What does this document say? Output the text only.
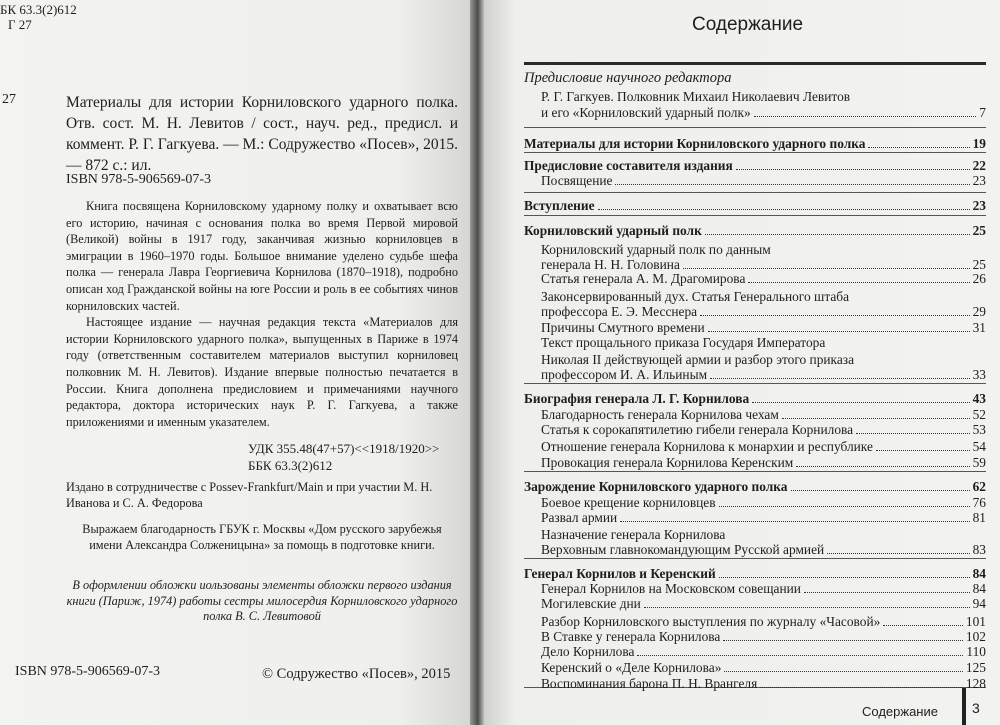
БК 63.3(2)612
Г 27
27	Материалы для истории Корниловского ударного полка. Отв. сост. М. Н. Левитов / сост., науч. ред., предисл. и коммент. Р. Г. Гагкуева. — М.: Содружество «Посев», 2015. — 872 с.: ил.
ISBN 978-5-906569-07-3

Книга посвящена Корниловскому ударному полку и охватывает всю его историю, начиная с основания полка во время Первой мировой (Великой) войны в 1917 году, заканчивая жизнью корниловцев в эмиграции в 1960–1970 годы. Большое внимание уделено судьбе шефа полка — генерала Лавра Георгиевича Корнилова (1870–1918), подробно описан ход Гражданской войны на юге России и роль в ее событиях чинов корниловских частей.

Настоящее издание — научная редакция текста «Материалов для истории Корниловского ударного полка», выпущенных в Париже в 1974 году (ответственным составителем материалов выступил корниловец полковник М. Н. Левитов). Издание впервые полностью печатается в России. Книга дополнена предисловием и примечаниями научного редактора, доктора исторических наук Р. Г. Гагкуева, а также приложениями и именным указателем.

УДК 355.48(47+57)<<1918/1920>>
ББК 63.3(2)612
Издано в сотрудничестве с Possev-Frankfurt/Main и при участии М. Н. Иванова и С. А. Федорова
Выражаем благодарность ГБУК г. Москвы «Дом русского зарубежья имени Александра Солженицына» за помощь в подготовке книги.
В оформлении обложки иользованы элементы обложки первого издания книги (Париж, 1974) работы сестры милосердия Корниловского ударного полка В. С. Левитовой
ISBN 978-5-906569-07-3	© Содружество «Посев», 2015
Содержание
Предисловие научного редактора
Р. Г. Гагкуев. Полковник Михаил Николаевич Левитов
и его «Корниловский ударный полк»	7
Материалы для истории Корниловского ударного полка	19
Предисловие составителя издания	22
Посвящение	23
Вступление	23
Корниловский ударный полк	25
Корниловский ударный полк по данным
генерала Н. Н. Головина	25
Статья генерала А. М. Драгомирова	26
Законсервированный дух. Статья Генерального штаба
профессора Е. Э. Месснера	29
Причины Смутного времени	31
Текст прощального приказа Государя Императора
Николая II действующей армии и разбор этого приказа
профессором И. А. Ильиным	33
Биография генерала Л. Г. Корнилова	43
Благодарность генерала Корнилова чехам	52
Статья к сорокапятилетию гибели генерала Корнилова	53
Отношение генерала Корнилова к монархии и республике	54
Провокация генерала Корнилова Керенским	59
Зарождение Корниловского ударного полка	62
Боевое крещение корниловцев	76
Развал армии	81
Назначение генерала Корнилова
Верховным главнокомандующим Русской армией	83
Генерал Корнилов и Керенский	84
Генерал Корнилов на Московском совещании	84
Могилевские дни	94
Разбор Корниловского выступления по журналу «Часовой»	101
В Ставке у генерала Корнилова	102
Дело Корнилова	110
Керенский о «Деле Корнилова»	125
Воспоминания барона П. Н. Врангеля	128
Содержание 3
